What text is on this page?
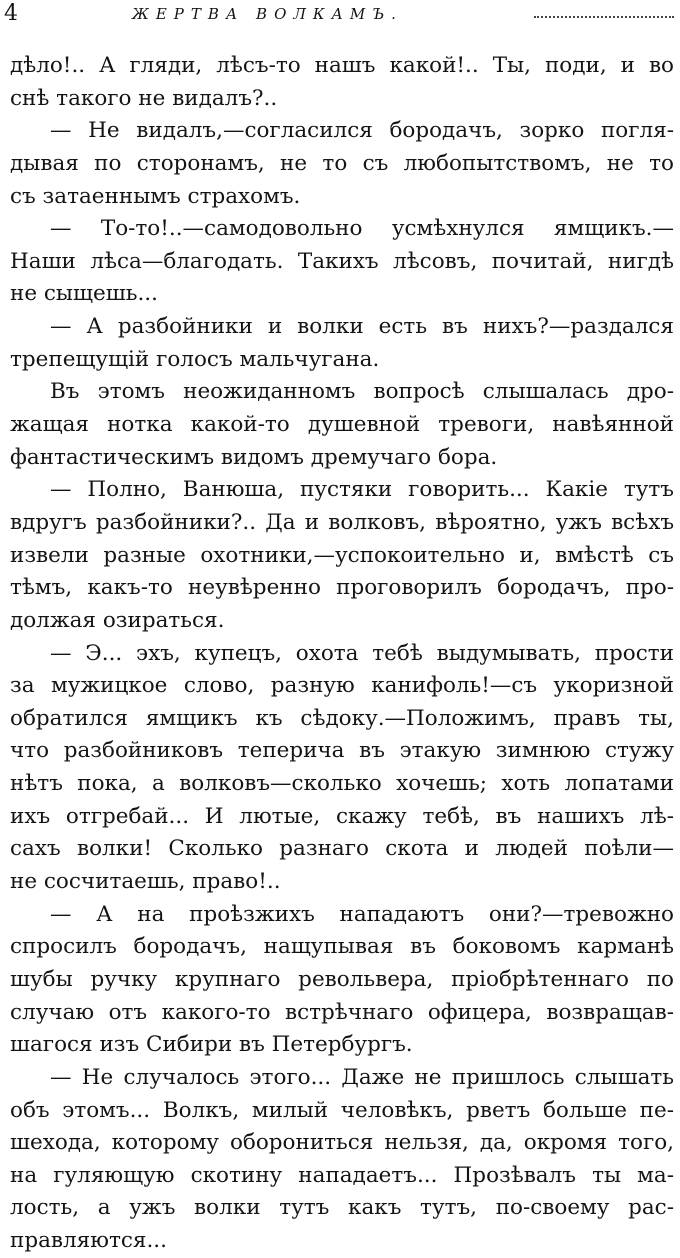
4	ЖЕРТВА ВОЛКАМЪ.
дѣло!.. А гляди, лѣсъ-то нашъ какой!.. Ты, поди, и во
снѣ такого не видалъ?..
— Не видалъ,—согласился бородачъ, зорко погля-
дывая по сторонамъ, не то съ любопытствомъ, не то
съ затаеннымъ страхомъ.
— То-то!..—самодовольно усмѣхнулся ямщикъ.—
Наши лѣса—благодать. Такихъ лѣсовъ, почитай, нигдѣ
не сыщешь...
— А разбойники и волки есть въ нихъ?—раздался
трепещущій голосъ мальчугана.
Въ этомъ неожиданномъ вопросѣ слышалась дро-
жащая нотка какой-то душевной тревоги, навѣянной
фантастическимъ видомъ дремучаго бора.
— Полно, Ванюша, пустяки говорить... Какіе тутъ
вдругъ разбойники?.. Да и волковъ, вѣроятно, ужъ всѣхъ
извели разные охотники,—успокоительно и, вмѣстѣ съ
тѣмъ, какъ-то неувѣренно проговорилъ бородачъ, про-
должая озираться.
— Э... эхъ, купецъ, охота тебѣ выдумывать, прости
за мужицкое слово, разную канифоль!—съ укоризной
обратился ямщикъ къ сѣдоку.—Положимъ, правъ ты,
что разбойниковъ теперича въ этакую зимнюю стужу
нѣтъ пока, а волковъ—сколько хочешь; хоть лопатами
ихъ отгребай... И лютые, скажу тебѣ, въ нашихъ лѣ-
сахъ волки! Сколько разнаго скота и людей поѣли—
не сосчитаешь, право!..
— А на проѣзжихъ нападаютъ они?—тревожно
спросилъ бородачъ, нащупывая въ боковомъ карманѣ
шубы ручку крупнаго револьвера, пріобрѣтеннаго по
случаю отъ какого-то встрѣчнаго офицера, возвращав-
шагося изъ Сибири въ Петербургъ.
— Не случалось этого... Даже не пришлось слышать
объ этомъ... Волкъ, милый человѣкъ, рветъ больше пе-
шехода, которому оборониться нельзя, да, окромя того,
на гуляющую скотину нападаетъ... Прозѣвалъ ты ма-
лость, а ужъ волки тутъ какъ тутъ, по-своему рас-
правляются...
